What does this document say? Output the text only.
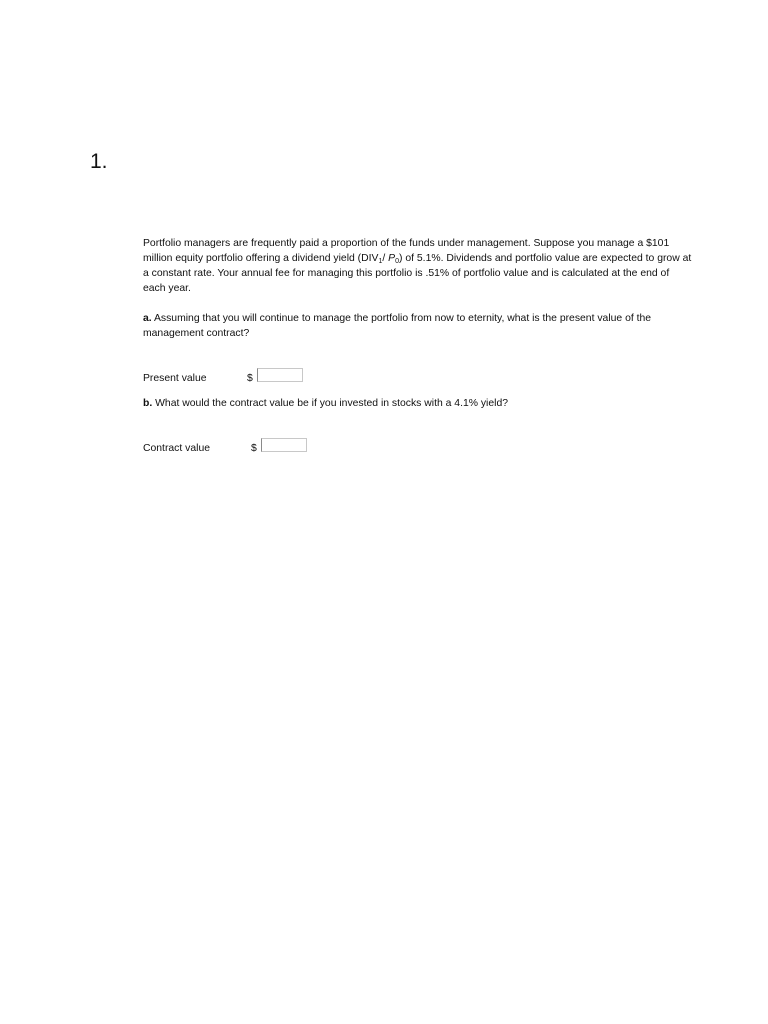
1.

Portfolio managers are frequently paid a proportion of the funds under management. Suppose you manage a $101 million equity portfolio offering a dividend yield ($DIV_1/$ $P_0$) of 5.1%. Dividends and portfolio value are expected to grow at a constant rate. Your annual fee for managing this portfolio is .51% of portfolio value and is calculated at the end of each year.

a. Assuming that you will continue to manage the portfolio from now to eternity, what is the present value of the management contract?

Present value	$

b. What would the contract value be if you invested in stocks with a 4.1% yield?

Contract value	$
